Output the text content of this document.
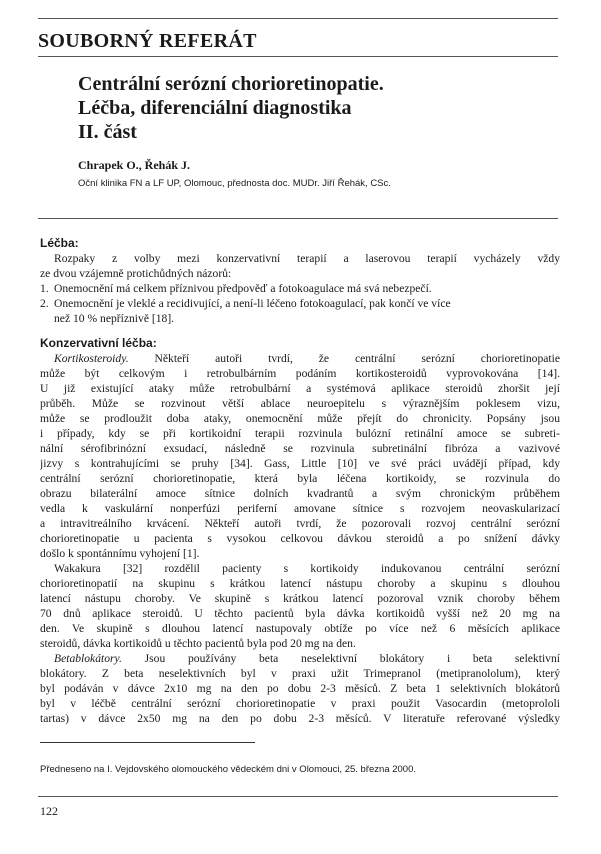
SOUBORNÝ REFERÁT
Centrální serózní chorioretinopatie.
Léčba, diferenciální diagnostika
II. část
Chrapek O., Řehák J.
Oční klinika FN a LF UP, Olomouc, přednosta doc. MUDr. Jiří Řehák, CSc.
Léčba:
Rozpaky z volby mezi konzervativní terapií a laserovou terapií vycházely vždy
ze dvou vzájemně protichůdných názorů:
1. Onemocnění má celkem příznivou předpověď a fotokoagulace má svá nebezpečí.
2. Onemocnění je vleklé a recidivující, a není-li léčeno fotokoagulací, pak končí ve více
než 10 % nepříznivě [18].
Konzervativní léčba:
Kortikosteroidy. Někteří autoři tvrdí, že centrální serózní chorioretinopatie
může být celkovým i retrobulbárním podáním kortikosteroidů vyprovokována [14].
U již existující ataky může retrobulbární a systémová aplikace steroidů zhoršit její
průběh. Může se rozvinout větší ablace neuroepitelu s výraznějším poklesem vizu,
může se prodloužit doba ataky, onemocnění může přejít do chronicity. Popsány jsou
i případy, kdy se při kortikoidní terapii rozvinula bulózní retinální amoce se subreti-
nální sérofibrinózní exsudací, následně se rozvinula subretinální fibróza a vazivové
jizvy s kontrahujícími se pruhy [34]. Gass, Little [10] ve své práci uvádějí případ, kdy
centrální serózní chorioretinopatie, která byla léčena kortikoidy, se rozvinula do
obrazu bilaterální amoce sítnice dolních kvadrantů a svým chronickým průběhem
vedla k vaskulární nonperfúzi periferní amovane sítnice s rozvojem neovaskularizací
a intravitreálního krvácení. Někteří autoři tvrdí, že pozorovali rozvoj centrální serózní
chorioretinopatie u pacienta s vysokou celkovou dávkou steroidů a po snížení dávky
došlo k spontánnímu vyhojení [1].
Wakakura [32] rozdělil pacienty s kortikoidy indukovanou centrální serózní
chorioretinopatií na skupinu s krátkou latencí nástupu choroby a skupinu s dlouhou
latencí nástupu choroby. Ve skupině s krátkou latencí pozoroval vznik choroby během
70 dnů aplikace steroidů. U těchto pacientů byla dávka kortikoidů vyšší než 20 mg na
den. Ve skupině s dlouhou latencí nastupovaly obtíže po více než 6 měsících aplikace
steroidů, dávka kortikoidů u těchto pacientů byla pod 20 mg na den.
Betablokátory. Jsou používány beta neselektivní blokátory i beta selektivní
blokátory. Z beta neselektivních byl v praxi užit Trimepranol (metipranololum), který
byl podáván v dávce 2x10 mg na den po dobu 2-3 měsíců. Z beta 1 selektivních blokátorů
byl v léčbě centrální serózní chorioretinopatie v praxi použit Vasocardin (metoprololi
tartas) v dávce 2x50 mg na den po dobu 2-3 měsíců. V literatuře referované výsledky
Předneseno na I. Vejdovského olomouckého vědeckém dni v Olomouci, 25. března 2000.
122
